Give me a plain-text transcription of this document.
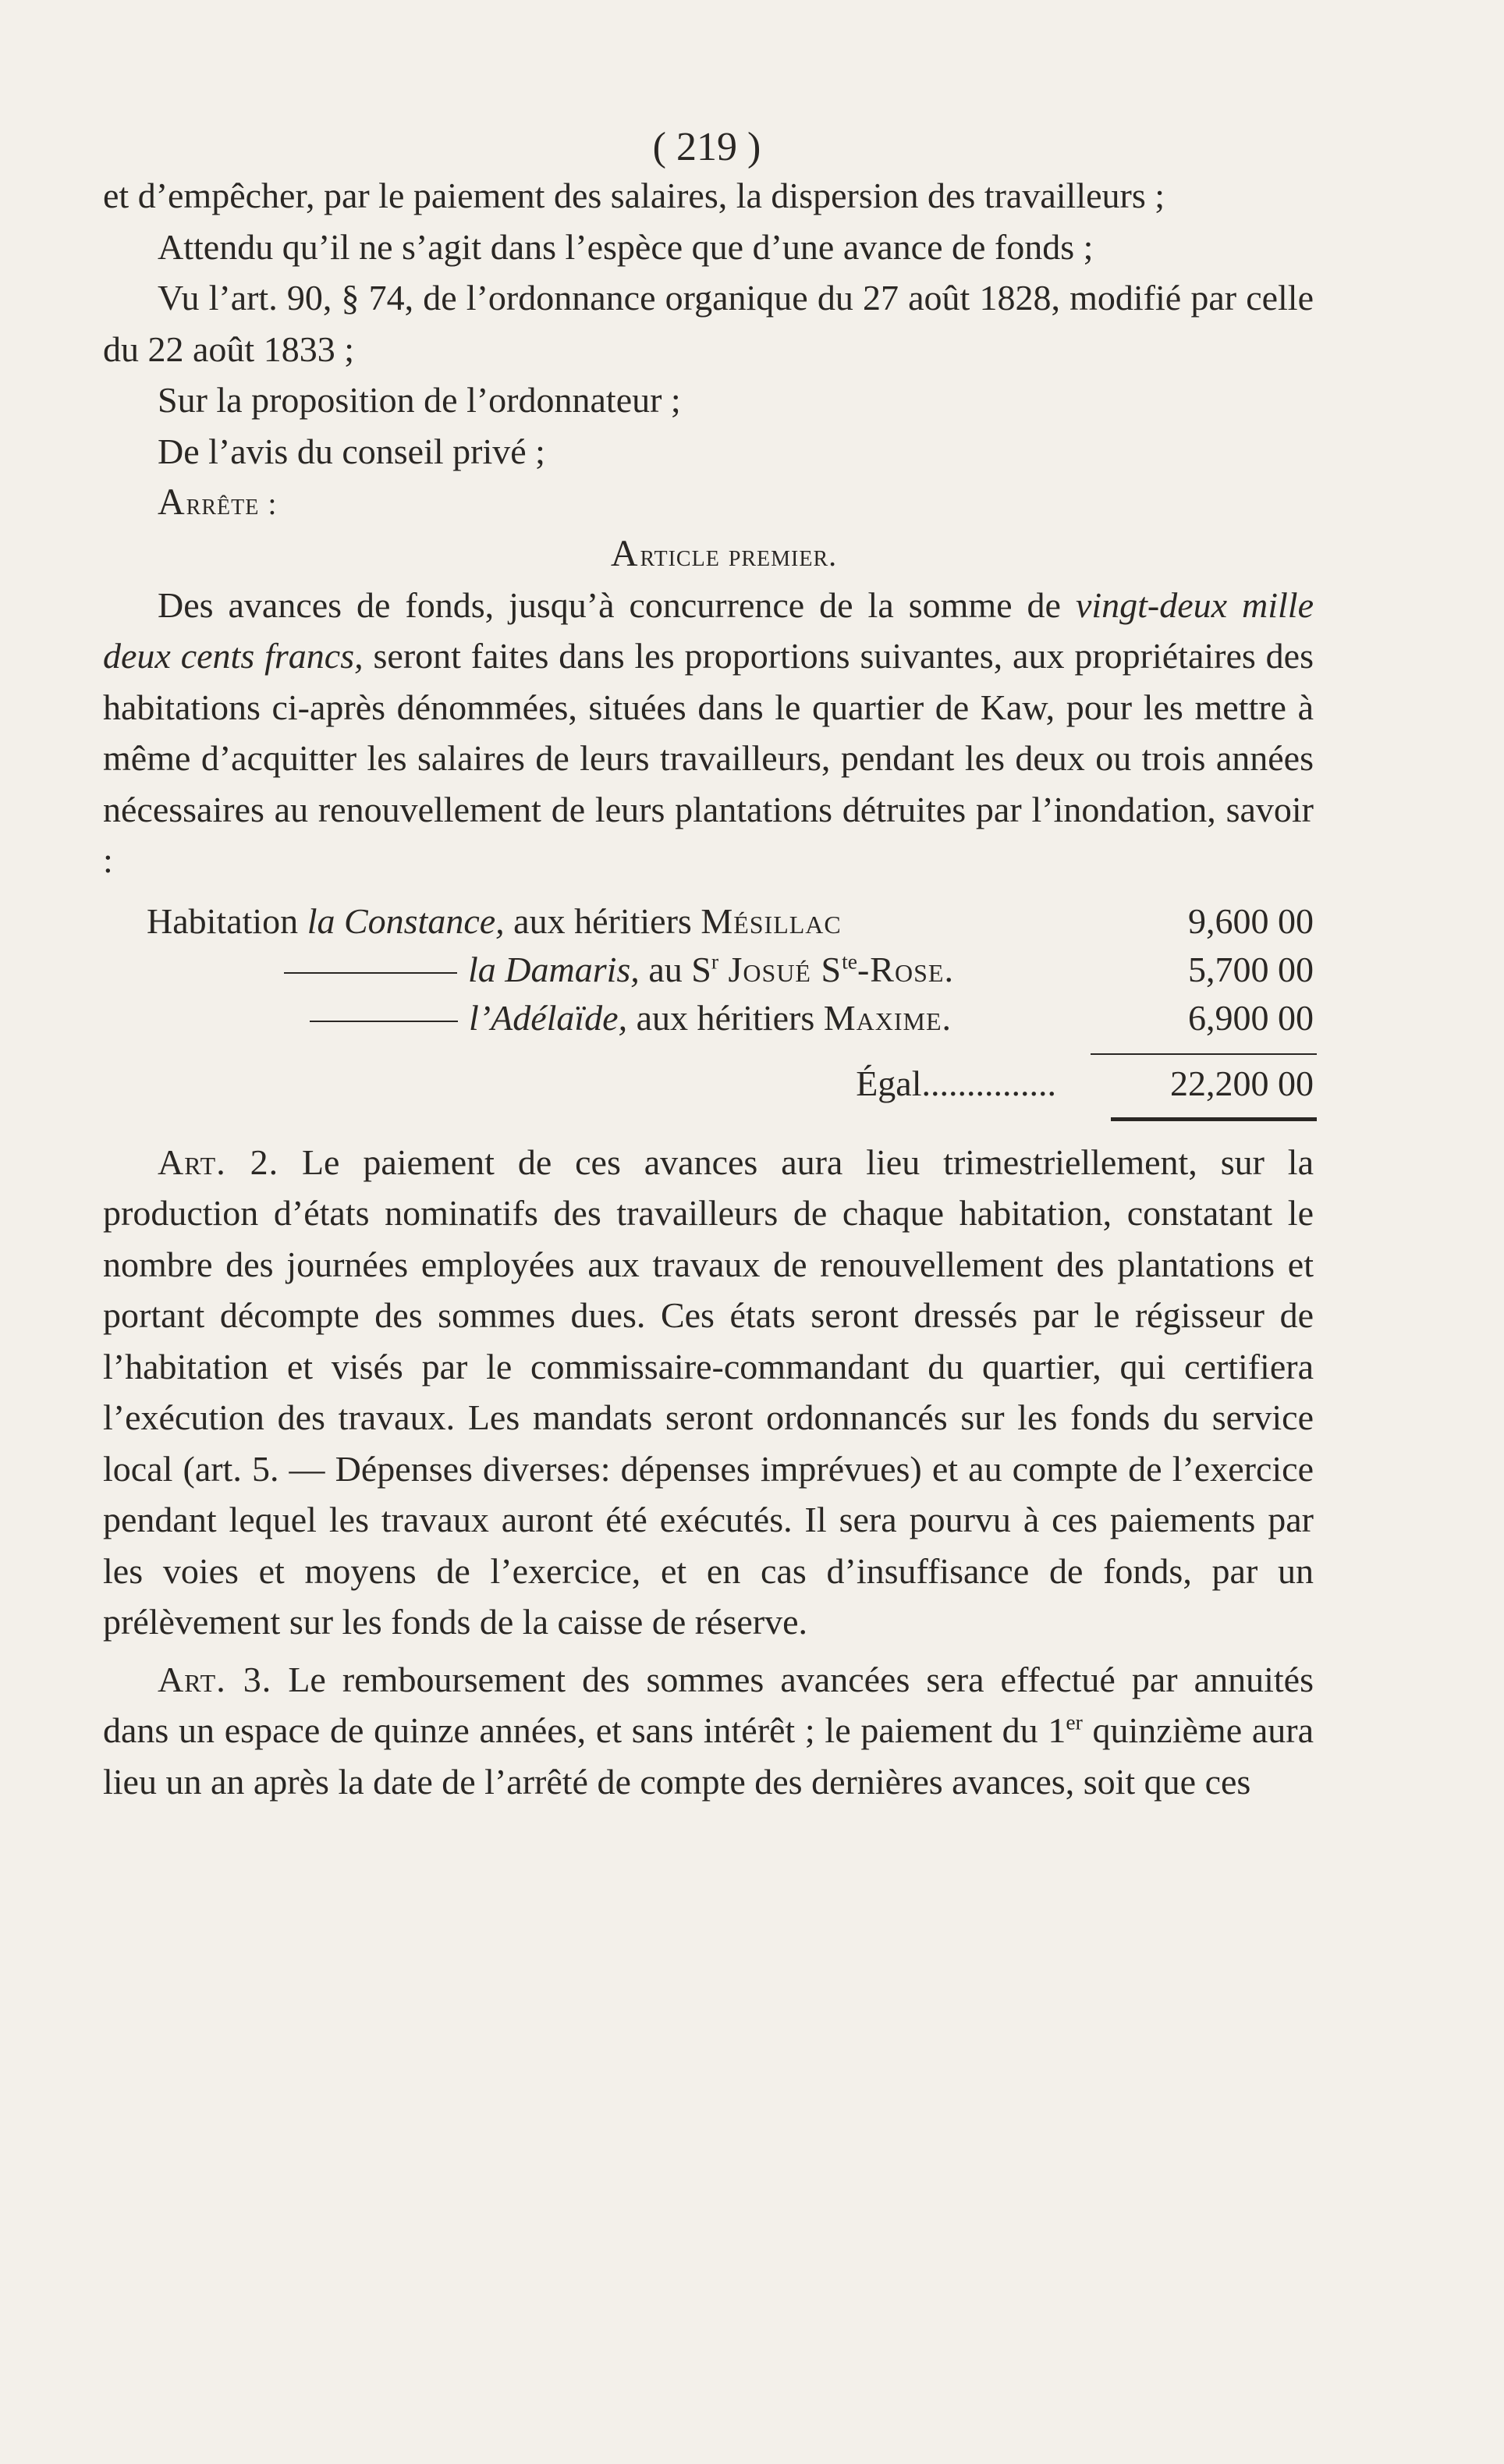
( 219 )

et d’empêcher, par le paiement des salaires, la dispersion des travailleurs ;

Attendu qu’il ne s’agit dans l’espèce que d’une avance de fonds ;

Vu l’art. 90, § 74, de l’ordonnance organique du 27 août 1828, modifié par celle du 22 août 1833 ;

Sur la proposition de l’ordonnateur ;

De l’avis du conseil privé ;

Arrête :

Article premier.

Des avances de fonds, jusqu’à concurrence de la somme de vingt-deux mille deux cents francs, seront faites dans les proportions suivantes, aux propriétaires des habitations ci-après dénommées, situées dans le quartier de Kaw, pour les mettre à même d’acquitter les salaires de leurs travailleurs, pendant les deux ou trois années nécessaires au renouvellement de leurs plantations détruites par l’inondation, savoir :

Habitation la Constance, aux héritiers Mésillac	9,600 00
la Damaris, au $S^r$ Josué $S^{te}$-Rose.	5,700 00
l’Adélaïde, aux héritiers Maxime.	6,900 00
Égal...............	22,200 00

Art. 2. Le paiement de ces avances aura lieu trimestriellement, sur la production d’états nominatifs des travailleurs de chaque habitation, constatant le nombre des journées employées aux travaux de renouvellement des plantations et portant décompte des sommes dues. Ces états seront dressés par le régisseur de l’habitation et visés par le commissaire-commandant du quartier, qui certifiera l’exécution des travaux. Les mandats seront ordonnancés sur les fonds du service local (art. 5. — Dépenses diverses: dépenses imprévues) et au compte de l’exercice pendant lequel les travaux auront été exécutés. Il sera pourvu à ces paiements par les voies et moyens de l’exercice, et en cas d’insuffisance de fonds, par un prélèvement sur les fonds de la caisse de réserve.

Art. 3. Le remboursement des sommes avancées sera effectué par annuités dans un espace de quinze années, et sans intérêt ; le paiement du 1er quinzième aura lieu un an après la date de l’arrêté de compte des dernières avances, soit que ces
